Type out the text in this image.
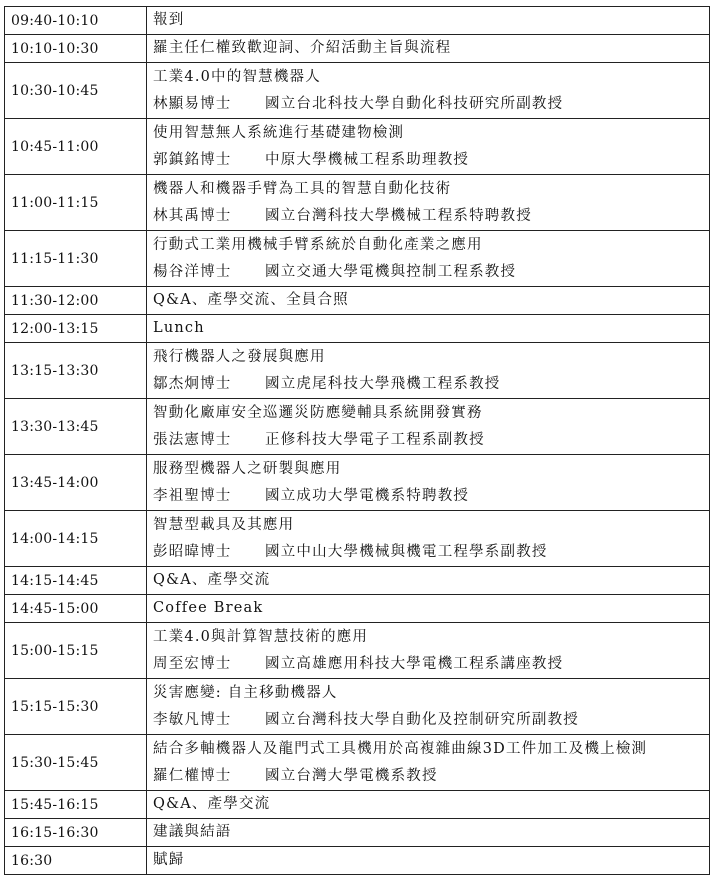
09:40-10:10	報到

10:10-10:30	羅主任仁權致歡迎詞、介紹活動主旨與流程

10:30-10:45	工業4.0中的智慧機器人
林顯易博士 國立台北科技大學自動化科技研究所副教授

10:45-11:00	使用智慧無人系統進行基礎建物檢測
郭鎮銘博士 中原大學機械工程系助理教授

11:00-11:15	機器人和機器手臂為工具的智慧自動化技術
林其禹博士 國立台灣科技大學機械工程系特聘教授

11:15-11:30	行動式工業用機械手臂系統於自動化產業之應用
楊谷洋博士 國立交通大學電機與控制工程系教授

11:30-12:00	Q&A、產學交流、全員合照

12:00-13:15	Lunch

13:15-13:30	飛行機器人之發展與應用
鄒杰炯博士 國立虎尾科技大學飛機工程系教授

13:30-13:45	智動化廠庫安全巡邏災防應變輔具系統開發實務
張法憲博士 正修科技大學電子工程系副教授

13:45-14:00	服務型機器人之研製與應用
李祖聖博士 國立成功大學電機系特聘教授

14:00-14:15	智慧型載具及其應用
彭昭暐博士 國立中山大學機械與機電工程學系副教授

14:15-14:45	Q&A、產學交流

14:45-15:00	Coffee Break

15:00-15:15	工業4.0與計算智慧技術的應用
周至宏博士 國立高雄應用科技大學電機工程系講座教授

15:15-15:30	災害應變: 自主移動機器人
李敏凡博士 國立台灣科技大學自動化及控制研究所副教授

15:30-15:45	結合多軸機器人及龍門式工具機用於高複雜曲線3D工件加工及機上檢測
羅仁權博士 國立台灣大學電機系教授

15:45-16:15	Q&A、產學交流

16:15-16:30	建議與結語

16:30	賦歸
